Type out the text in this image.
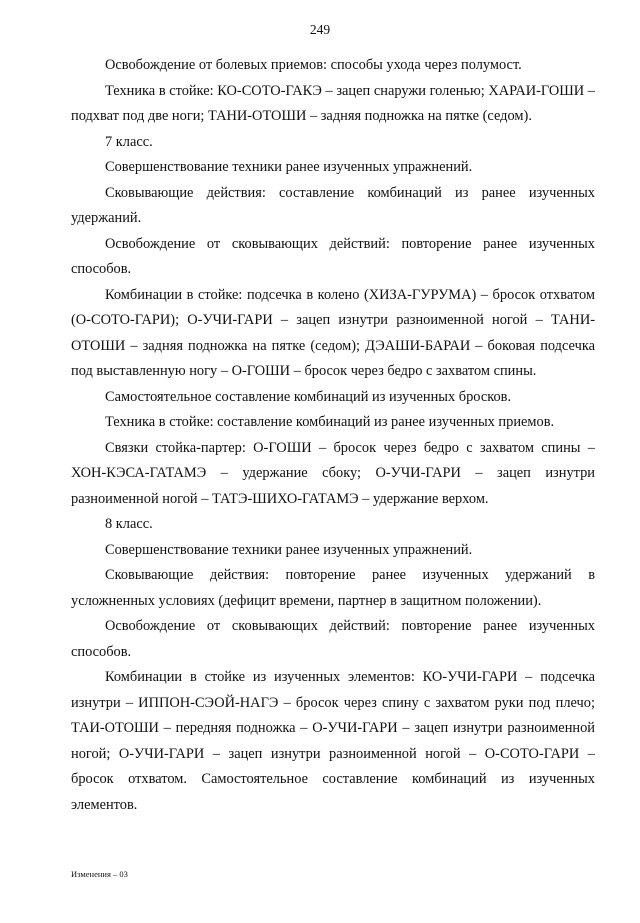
249

Освобождение от болевых приемов: способы ухода через полумост.

Техника в стойке: КО-СОТО-ГАКЭ – зацеп снаружи голенью; ХАРАИ-ГОШИ – подхват под две ноги; ТАНИ-ОТОШИ – задняя подножка на пятке (седом).

7 класс.

Совершенствование техники ранее изученных упражнений.

Сковывающие действия: составление комбинаций из ранее изученных удержаний.

Освобождение от сковывающих действий: повторение ранее изученных способов.

Комбинации в стойке: подсечка в колено (ХИЗА-ГУРУМА) – бросок отхватом (О-СОТО-ГАРИ); О-УЧИ-ГАРИ – зацеп изнутри разноименной ногой – ТАНИ-ОТОШИ – задняя подножка на пятке (седом); ДЭАШИ-БАРАИ – боковая подсечка под выставленную ногу – О-ГОШИ – бросок через бедро с захватом спины.

Самостоятельное составление комбинаций из изученных бросков.

Техника в стойке: составление комбинаций из ранее изученных приемов.

Связки стойка-партер: О-ГОШИ – бросок через бедро с захватом спины – ХОН-КЭСА-ГАТАМЭ – удержание сбоку; О-УЧИ-ГАРИ – зацеп изнутри разноименной ногой – ТАТЭ-ШИХО-ГАТАМЭ – удержание верхом.

8 класс.

Совершенствование техники ранее изученных упражнений.

Сковывающие действия: повторение ранее изученных удержаний в усложненных условиях (дефицит времени, партнер в защитном положении).

Освобождение от сковывающих действий: повторение ранее изученных способов.

Комбинации в стойке из изученных элементов: КО-УЧИ-ГАРИ – подсечка изнутри – ИППОН-СЭОЙ-НАГЭ – бросок через спину с захватом руки под плечо; ТАИ-ОТОШИ – передняя подножка – О-УЧИ-ГАРИ – зацеп изнутри разноименной ногой; О-УЧИ-ГАРИ – зацеп изнутри разноименной ногой – О-СОТО-ГАРИ – бросок отхватом. Самостоятельное составление комбинаций из изученных элементов.

Изменения – 03
